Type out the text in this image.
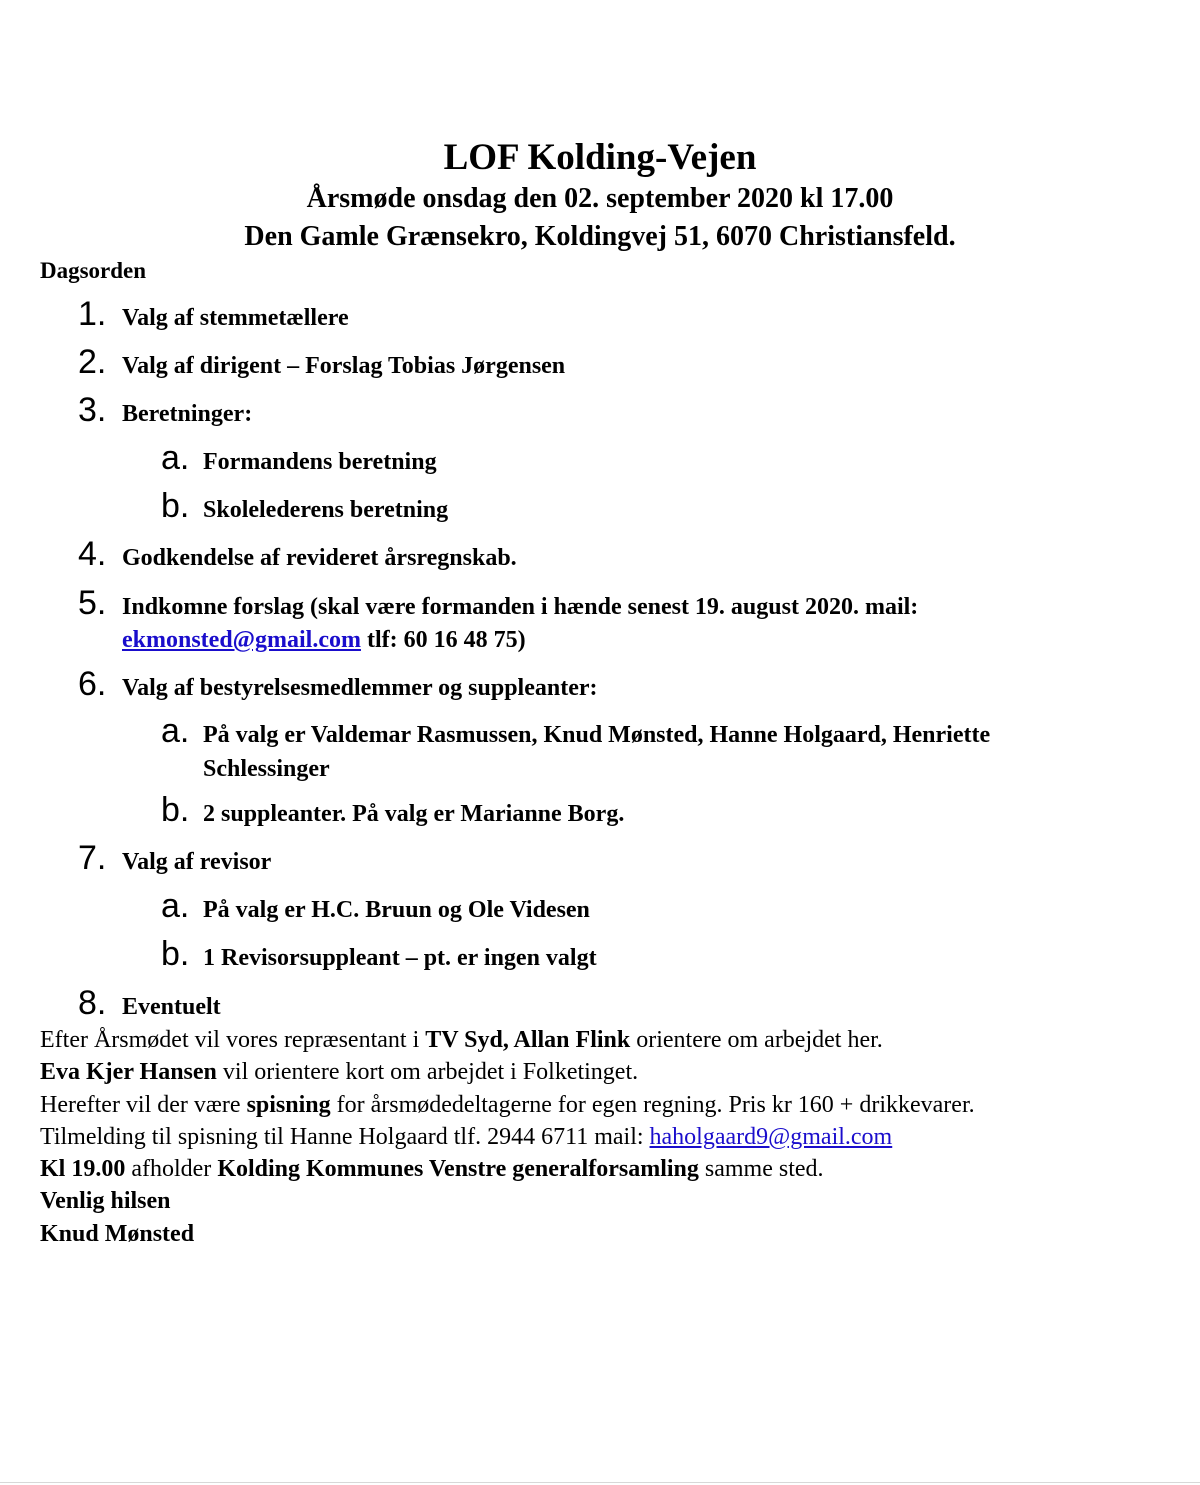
LOF Kolding-Vejen
Årsmøde onsdag den 02. september 2020 kl 17.00
Den Gamle Grænsekro, Koldingvej 51, 6070 Christiansfeld.
Dagsorden
1. Valg af stemmetællere
2. Valg af dirigent – Forslag Tobias Jørgensen
3. Beretninger:
a. Formandens beretning
b. Skolelederens beretning
4. Godkendelse af revideret årsregnskab.
5. Indkomne forslag (skal være formanden i hænde senest 19. august 2020. mail:
ekmonsted@gmail.com tlf: 60 16 48 75)
6. Valg af bestyrelsesmedlemmer og suppleanter:
a. På valg er Valdemar Rasmussen, Knud Mønsted, Hanne Holgaard, Henriette
Schlessinger
b. 2 suppleanter. På valg er Marianne Borg.
7. Valg af revisor
a. På valg er H.C. Bruun og Ole Videsen
b. 1 Revisorsuppleant – pt. er ingen valgt
8. Eventuelt
Efter Årsmødet vil vores repræsentant i TV Syd, Allan Flink orientere om arbejdet her.
Eva Kjer Hansen vil orientere kort om arbejdet i Folketinget.
Herefter vil der være spisning for årsmødedeltagerne for egen regning. Pris kr 160 + drikkevarer.
Tilmelding til spisning til Hanne Holgaard tlf. 2944 6711 mail: haholgaard9@gmail.com
Kl 19.00 afholder Kolding Kommunes Venstre generalforsamling samme sted.
Venlig hilsen
Knud Mønsted
